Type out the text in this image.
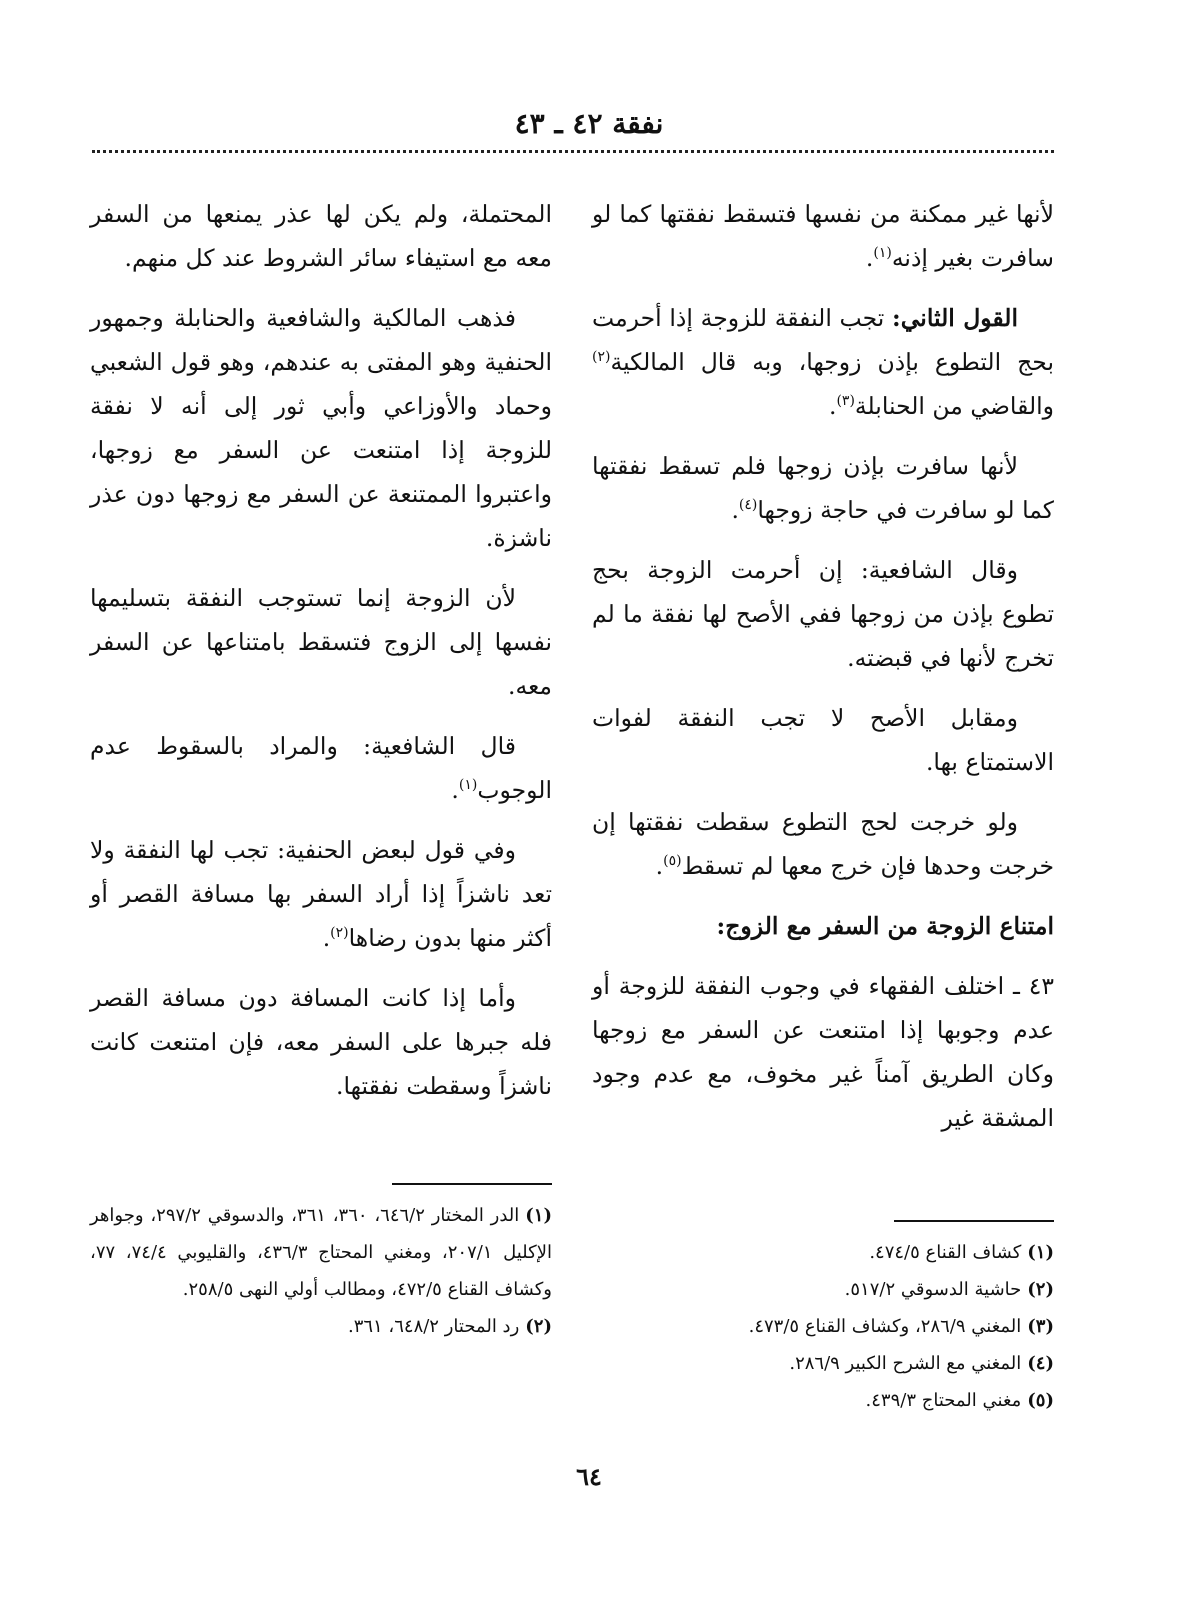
نفقة ٤٢ ـ ٤٣

لأنها غير ممكنة من نفسها فتسقط نفقتها كما لو سافرت بغير إذنه$^{(١)}$.

القول الثاني: تجب النفقة للزوجة إذا أحرمت بحج التطوع بإذن زوجها، وبه قال المالكية$^{(٢)}$ والقاضي من الحنابلة$^{(٣)}$.

لأنها سافرت بإذن زوجها فلم تسقط نفقتها كما لو سافرت في حاجة زوجها$^{(٤)}$.

وقال الشافعية: إن أحرمت الزوجة بحج تطوع بإذن من زوجها ففي الأصح لها نفقة ما لم تخرج لأنها في قبضته.

ومقابل الأصح لا تجب النفقة لفوات الاستمتاع بها.

ولو خرجت لحج التطوع سقطت نفقتها إن خرجت وحدها فإن خرج معها لم تسقط$^{(٥)}$.

امتناع الزوجة من السفر مع الزوج:

٤٣ ـ اختلف الفقهاء في وجوب النفقة للزوجة أو عدم وجوبها إذا امتنعت عن السفر مع زوجها وكان الطريق آمناً غير مخوف، مع عدم وجود المشقة غير

(١)كشاف القناع ٤٧٤/٥.
(٢)حاشية الدسوقي ٥١٧/٢.
(٣)المغني ٢٨٦/٩، وكشاف القناع ٤٧٣/٥.
(٤)المغني مع الشرح الكبير ٢٨٦/٩.
(٥)مغني المحتاج ٤٣٩/٣.

المحتملة، ولم يكن لها عذر يمنعها من السفر معه مع استيفاء سائر الشروط عند كل منهم.

فذهب المالكية والشافعية والحنابلة وجمهور الحنفية وهو المفتى به عندهم، وهو قول الشعبي وحماد والأوزاعي وأبي ثور إلى أنه لا نفقة للزوجة إذا امتنعت عن السفر مع زوجها، واعتبروا الممتنعة عن السفر مع زوجها دون عذر ناشزة.

لأن الزوجة إنما تستوجب النفقة بتسليمها نفسها إلى الزوج فتسقط بامتناعها عن السفر معه.

قال الشافعية: والمراد بالسقوط عدم الوجوب$^{(١)}$.

وفي قول لبعض الحنفية: تجب لها النفقة ولا تعد ناشزاً إذا أراد السفر بها مسافة القصر أو أكثر منها بدون رضاها$^{(٢)}$.

وأما إذا كانت المسافة دون مسافة القصر فله جبرها على السفر معه، فإن امتنعت كانت ناشزاً وسقطت نفقتها.

(١)الدر المختار ٦٤٦/٢، ٣٦٠، ٣٦١، والدسوقي ٢٩٧/٢، وجواهر الإكليل ٢٠٧/١، ومغني المحتاج ٤٣٦/٣، والقليوبي ٧٤/٤، ٧٧، وكشاف القناع ٤٧٢/٥، ومطالب أولي النهى ٢٥٨/٥.
(٢)رد المحتار ٦٤٨/٢، ٣٦١.
٦٤
